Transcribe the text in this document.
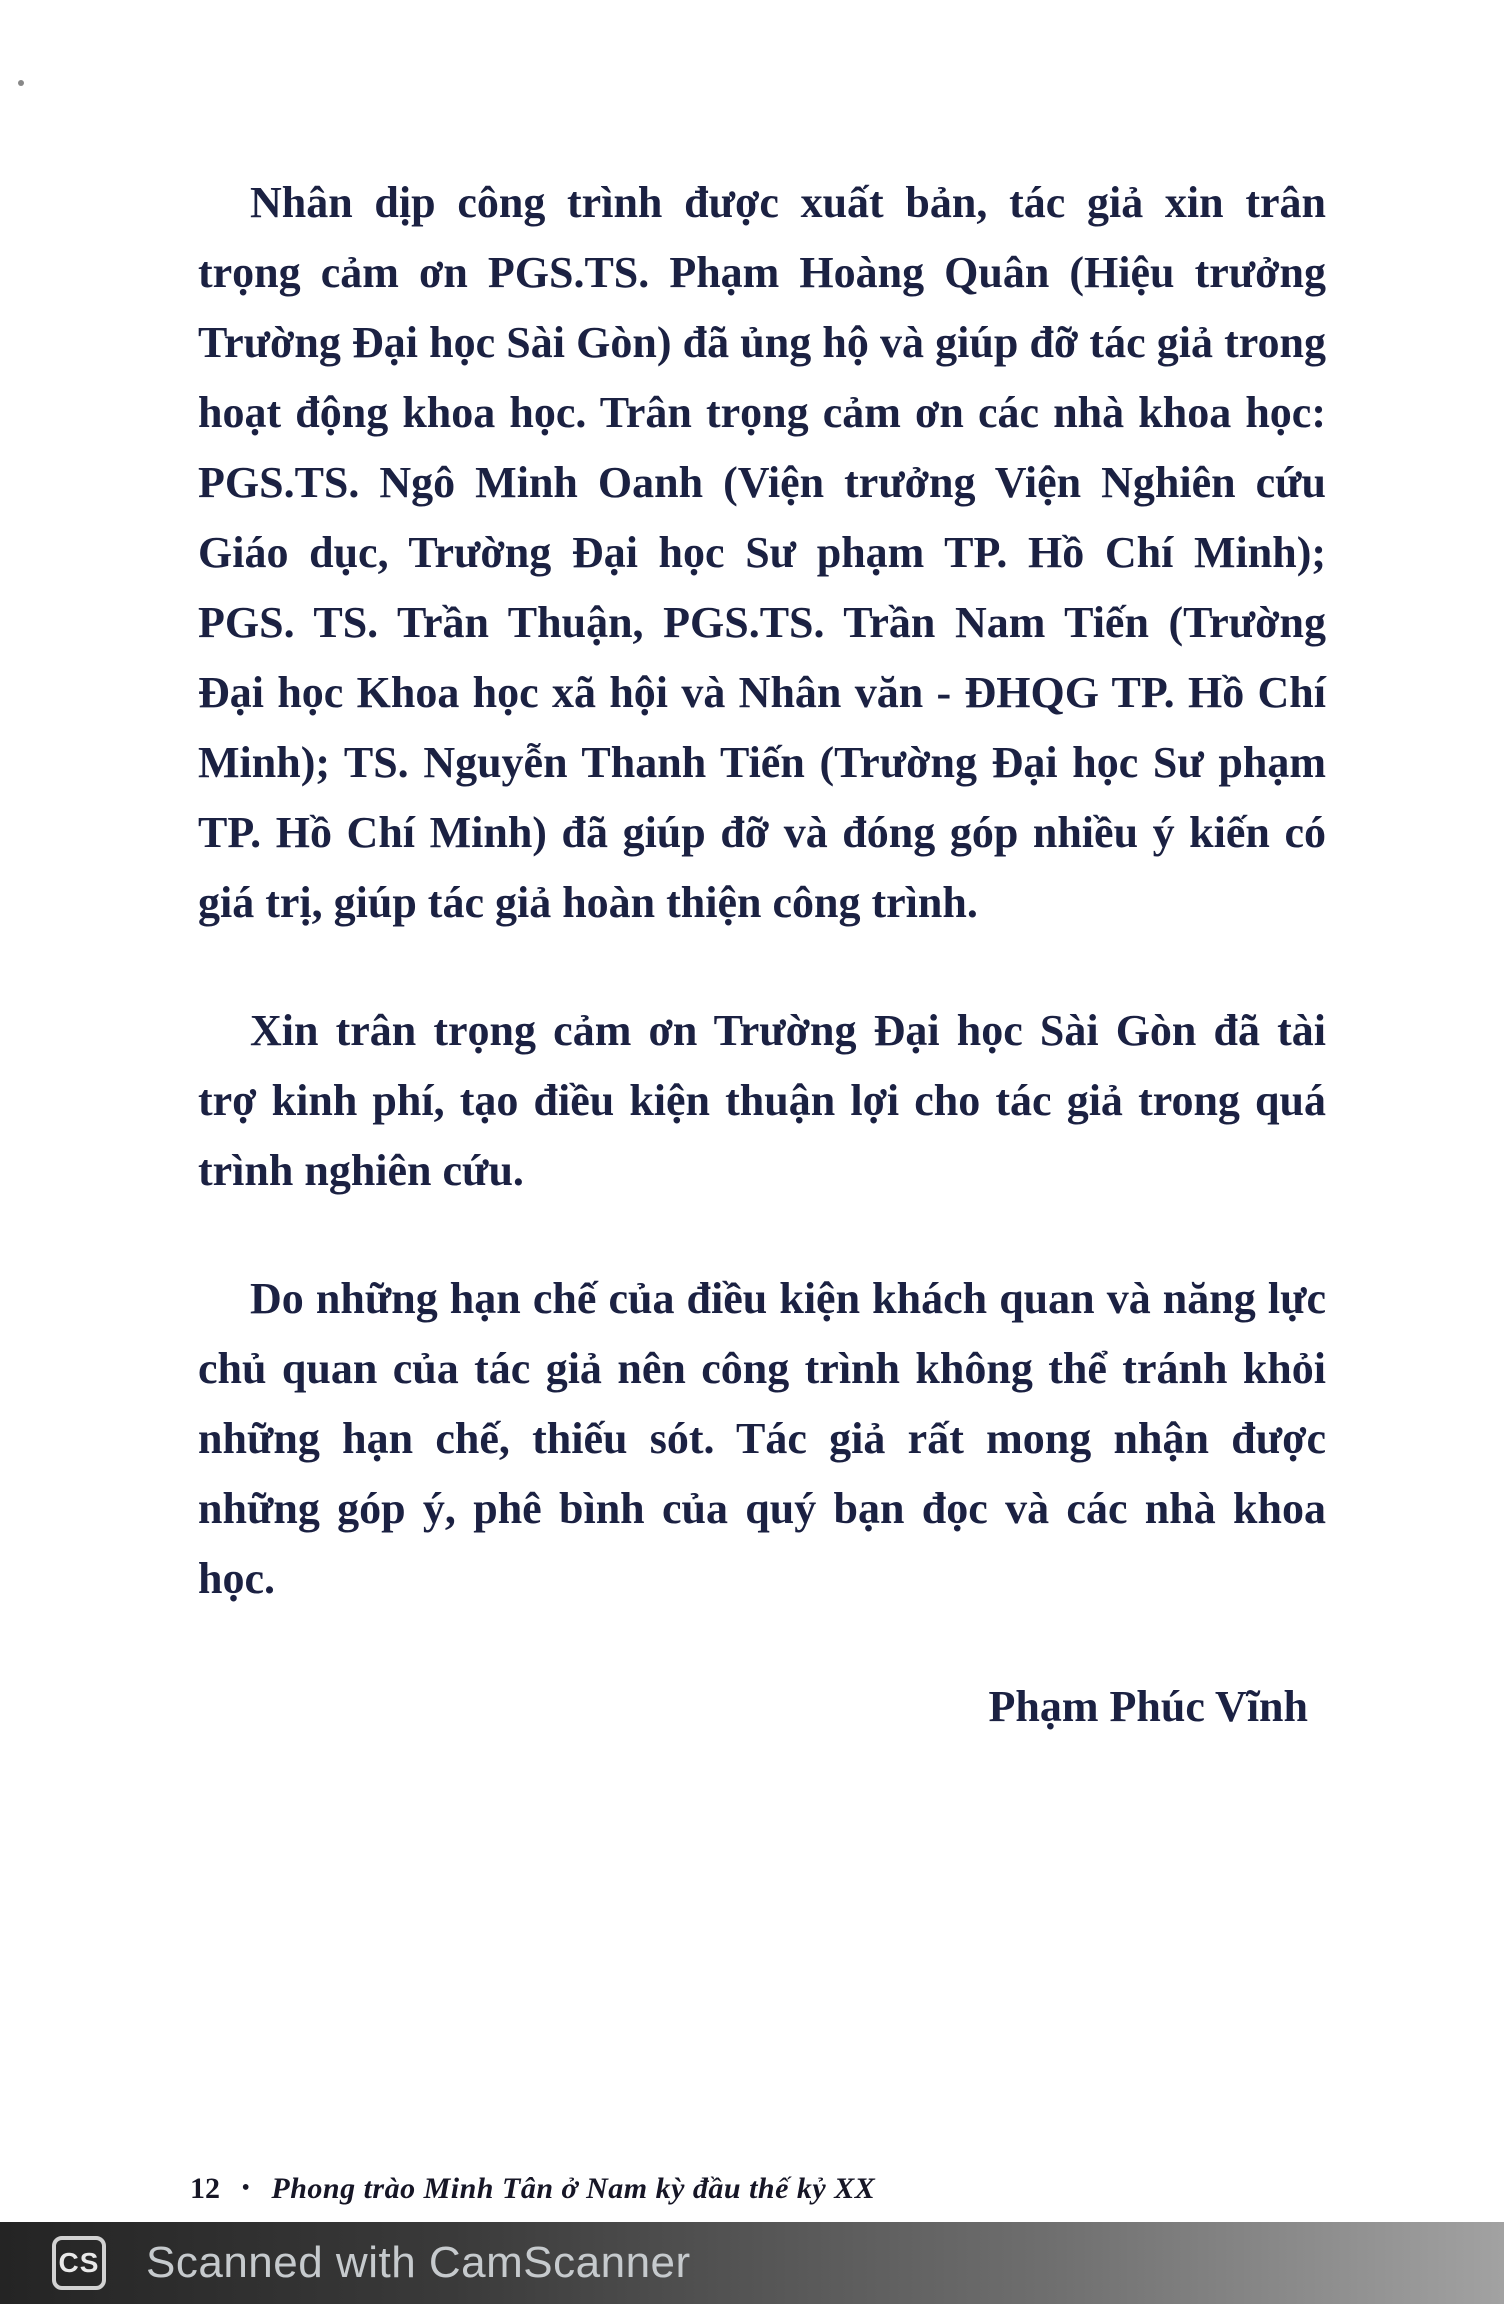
Nhân dịp công trình được xuất bản, tác giả xin trân trọng cảm ơn PGS.TS. Phạm Hoàng Quân (Hiệu trưởng Trường Đại học Sài Gòn) đã ủng hộ và giúp đỡ tác giả trong hoạt động khoa học. Trân trọng cảm ơn các nhà khoa học: PGS.TS. Ngô Minh Oanh (Viện trưởng Viện Nghiên cứu Giáo dục, Trường Đại học Sư phạm TP. Hồ Chí Minh); PGS. TS. Trần Thuận, PGS.TS. Trần Nam Tiến (Trường Đại học Khoa học xã hội và Nhân văn - ĐHQG TP. Hồ Chí Minh); TS. Nguyễn Thanh Tiến (Trường Đại học Sư phạm TP. Hồ Chí Minh) đã giúp đỡ và đóng góp nhiều ý kiến có giá trị, giúp tác giả hoàn thiện công trình.

Xin trân trọng cảm ơn Trường Đại học Sài Gòn đã tài trợ kinh phí, tạo điều kiện thuận lợi cho tác giả trong quá trình nghiên cứu.

Do những hạn chế của điều kiện khách quan và năng lực chủ quan của tác giả nên công trình không thể tránh khỏi những hạn chế, thiếu sót. Tác giả rất mong nhận được những góp ý, phê bình của quý bạn đọc và các nhà khoa học.

Phạm Phúc Vĩnh
12 • Phong trào Minh Tân ở Nam kỳ đầu thế kỷ XX
CS Scanned with CamScanner
